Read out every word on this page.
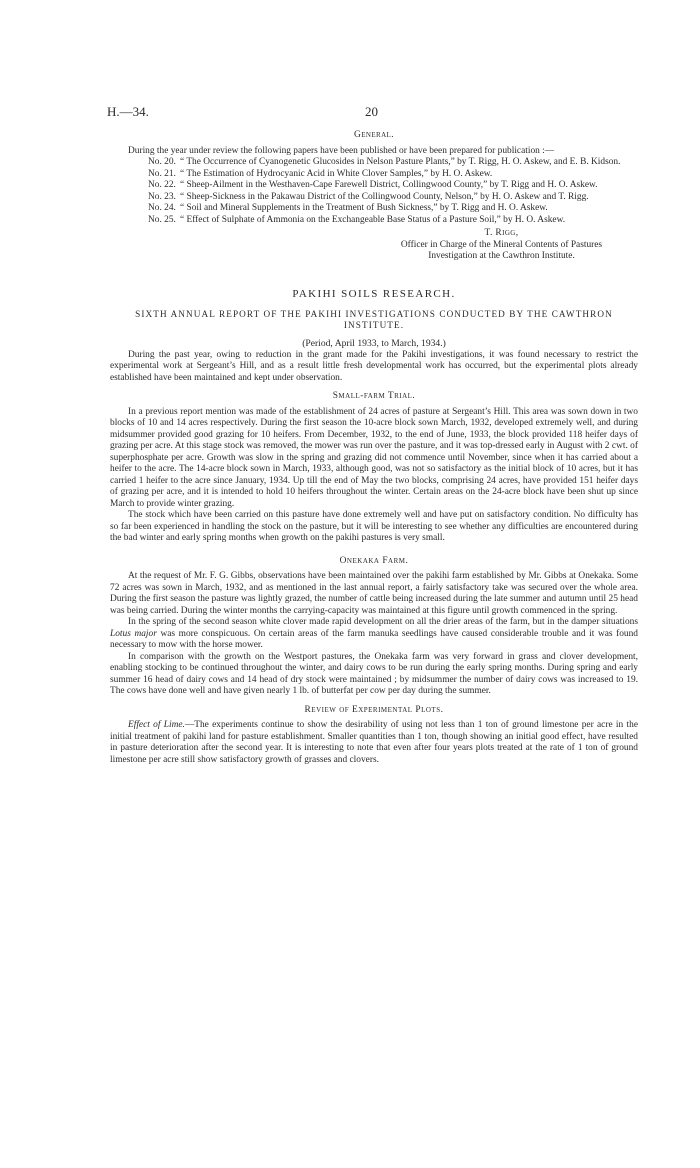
H.—34.	20
General.

During the year under review the following papers have been published or have been prepared for publication :—

No. 20. “ The Occurrence of Cyanogenetic Glucosides in Nelson Pasture Plants,” by T. Rigg, H. O. Askew, and E. B. Kidson.
No. 21. “ The Estimation of Hydrocyanic Acid in White Clover Samples,” by H. O. Askew.
No. 22. “ Sheep-Ailment in the Westhaven-Cape Farewell District, Collingwood County,” by T. Rigg and H. O. Askew.
No. 23. “ Sheep-Sickness in the Pakawau District of the Collingwood County, Nelson,” by H. O. Askew and T. Rigg.
No. 24. “ Soil and Mineral Supplements in the Treatment of Bush Sickness,” by T. Rigg and H. O. Askew.
No. 25. “ Effect of Sulphate of Ammonia on the Exchangeable Base Status of a Pasture Soil,” by H. O. Askew.
T. Rigg,
Officer in Charge of the Mineral Contents of Pastures
Investigation at the Cawthron Institute.
PAKIHI SOILS RESEARCH.
SIXTH ANNUAL REPORT OF THE PAKIHI INVESTIGATIONS CONDUCTED BY THE CAWTHRON INSTITUTE.
(Period, April 1933, to March, 1934.)

During the past year, owing to reduction in the grant made for the Pakihi investigations, it was found necessary to restrict the experimental work at Sergeant’s Hill, and as a result little fresh developmental work has occurred, but the experimental plots already established have been maintained and kept under observation.

Small-farm Trial.

In a previous report mention was made of the establishment of 24 acres of pasture at Sergeant’s Hill. This area was sown down in two blocks of 10 and 14 acres respectively. During the first season the 10-acre block sown March, 1932, developed extremely well, and during midsummer provided good grazing for 10 heifers. From December, 1932, to the end of June, 1933, the block provided 118 heifer days of grazing per acre. At this stage stock was removed, the mower was run over the pasture, and it was top-dressed early in August with 2 cwt. of superphosphate per acre. Growth was slow in the spring and grazing did not commence until November, since when it has carried about a heifer to the acre. The 14-acre block sown in March, 1933, although good, was not so satisfactory as the initial block of 10 acres, but it has carried 1 heifer to the acre since January, 1934. Up till the end of May the two blocks, comprising 24 acres, have provided 151 heifer days of grazing per acre, and it is intended to hold 10 heifers throughout the winter. Certain areas on the 24-acre block have been shut up since March to provide winter grazing.

The stock which have been carried on this pasture have done extremely well and have put on satisfactory condition. No difficulty has so far been experienced in handling the stock on the pasture, but it will be interesting to see whether any difficulties are encountered during the bad winter and early spring months when growth on the pakihi pastures is very small.

Onekaka Farm.

At the request of Mr. F. G. Gibbs, observations have been maintained over the pakihi farm established by Mr. Gibbs at Onekaka. Some 72 acres was sown in March, 1932, and as mentioned in the last annual report, a fairly satisfactory take was secured over the whole area. During the first season the pasture was lightly grazed, the number of cattle being increased during the late summer and autumn until 25 head was being carried. During the winter months the carrying-capacity was maintained at this figure until growth commenced in the spring.

In the spring of the second season white clover made rapid development on all the drier areas of the farm, but in the damper situations Lotus major was more conspicuous. On certain areas of the farm manuka seedlings have caused considerable trouble and it was found necessary to mow with the horse mower.

In comparison with the growth on the Westport pastures, the Onekaka farm was very forward in grass and clover development, enabling stocking to be continued throughout the winter, and dairy cows to be run during the early spring months. During spring and early summer 16 head of dairy cows and 14 head of dry stock were maintained ; by midsummer the number of dairy cows was increased to 19. The cows have done well and have given nearly 1 lb. of butterfat per cow per day during the summer.

Review of Experimental Plots.

Effect of Lime.—The experiments continue to show the desirability of using not less than 1 ton of ground limestone per acre in the initial treatment of pakihi land for pasture establishment. Smaller quantities than 1 ton, though showing an initial good effect, have resulted in pasture deterioration after the second year. It is interesting to note that even after four years plots treated at the rate of 1 ton of ground limestone per acre still show satisfactory growth of grasses and clovers.
